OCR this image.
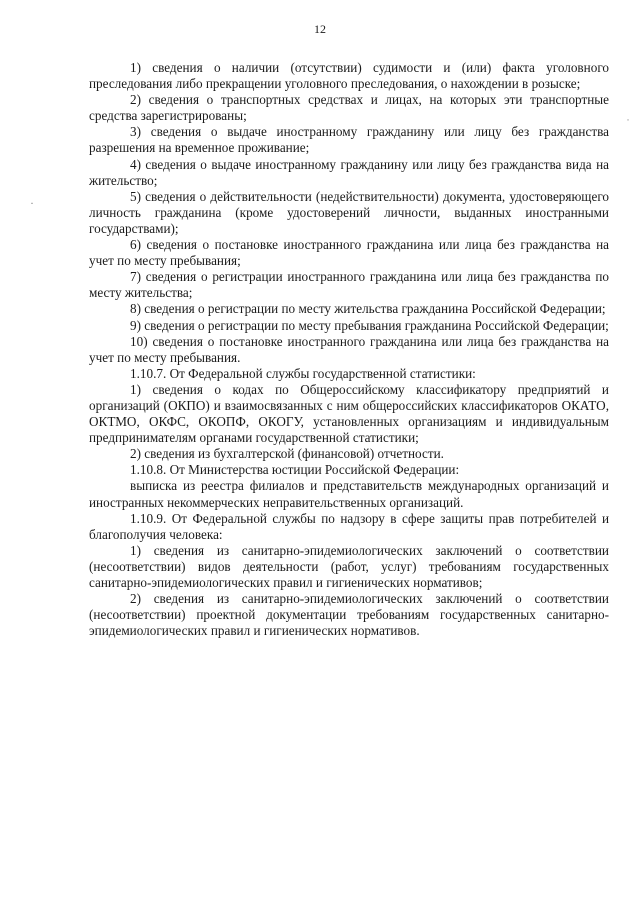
12

1) сведения о наличии (отсутствии) судимости и (или) факта уголовного преследования либо прекращении уголовного преследования, о нахождении в розыске;

2) сведения о транспортных средствах и лицах, на которых эти транспортные средства зарегистрированы;

3) сведения о выдаче иностранному гражданину или лицу без гражданства разрешения на временное проживание;

4) сведения о выдаче иностранному гражданину или лицу без гражданства вида на жительство;

5) сведения о действительности (недействительности) документа, удостоверяющего личность гражданина (кроме удостоверений личности, выданных иностранными государствами);

6) сведения о постановке иностранного гражданина или лица без гражданства на учет по месту пребывания;

7) сведения о регистрации иностранного гражданина или лица без гражданства по месту жительства;

8) сведения о регистрации по месту жительства гражданина Российской Федерации;

9) сведения о регистрации по месту пребывания гражданина Российской Федерации;

10) сведения о постановке иностранного гражданина или лица без гражданства на учет по месту пребывания.

1.10.7. От Федеральной службы государственной статистики:

1) сведения о кодах по Общероссийскому классификатору предприятий и организаций (ОКПО) и взаимосвязанных с ним общероссийских классификаторов ОКАТО, ОКТМО, ОКФС, ОКОПФ, ОКОГУ, установленных организациям и индивидуальным предпринимателям органами государственной статистики;

2) сведения из бухгалтерской (финансовой) отчетности.

1.10.8. От Министерства юстиции Российской Федерации:

выписка из реестра филиалов и представительств международных организаций и иностранных некоммерческих неправительственных организаций.

1.10.9. От Федеральной службы по надзору в сфере защиты прав потребителей и благополучия человека:

1) сведения из санитарно-эпидемиологических заключений о соответствии (несоответствии) видов деятельности (работ, услуг) требованиям государственных санитарно-эпидемиологических правил и гигиенических нормативов;

2) сведения из санитарно-эпидемиологических заключений о соответствии (несоответствии) проектной документации требованиям государственных санитарно-эпидемиологических правил и гигиенических нормативов.

˙
·
